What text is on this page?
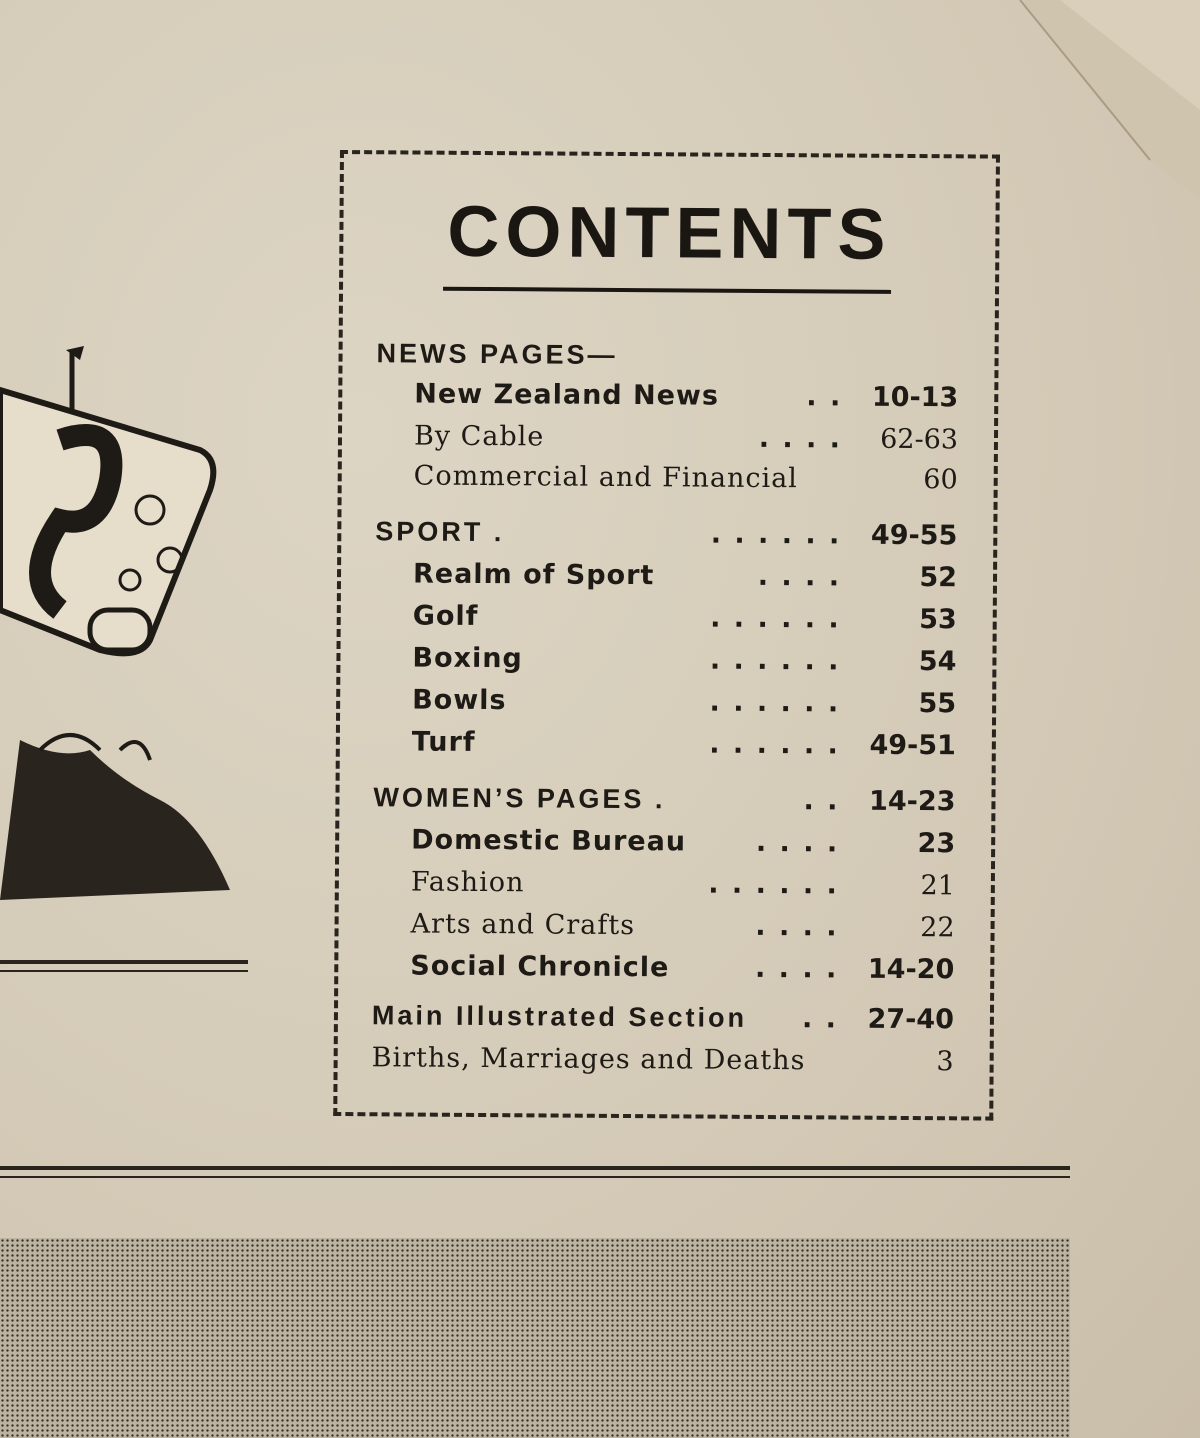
CONTENTS
NEWS PAGES—
New Zealand News	. . 10-13
By Cable	. . . . 62-63
Commercial and Financial	60
SPORT .	. . . . . . 49-55
Realm of Sport	. . . .	52
Golf	. . . . . .	53
Boxing	. . . . . .	54
Bowls	. . . . . .	55
Turf	. . . . . . 49-51
WOMEN’S PAGES .	. . 14-23
Domestic Bureau	. . . .	23
Fashion	. . . . . .	21
Arts and Crafts	. . . .	22
Social Chronicle	. . . . 14-20
Main Illustrated Section . . 27-40
Births, Marriages and Deaths	3
